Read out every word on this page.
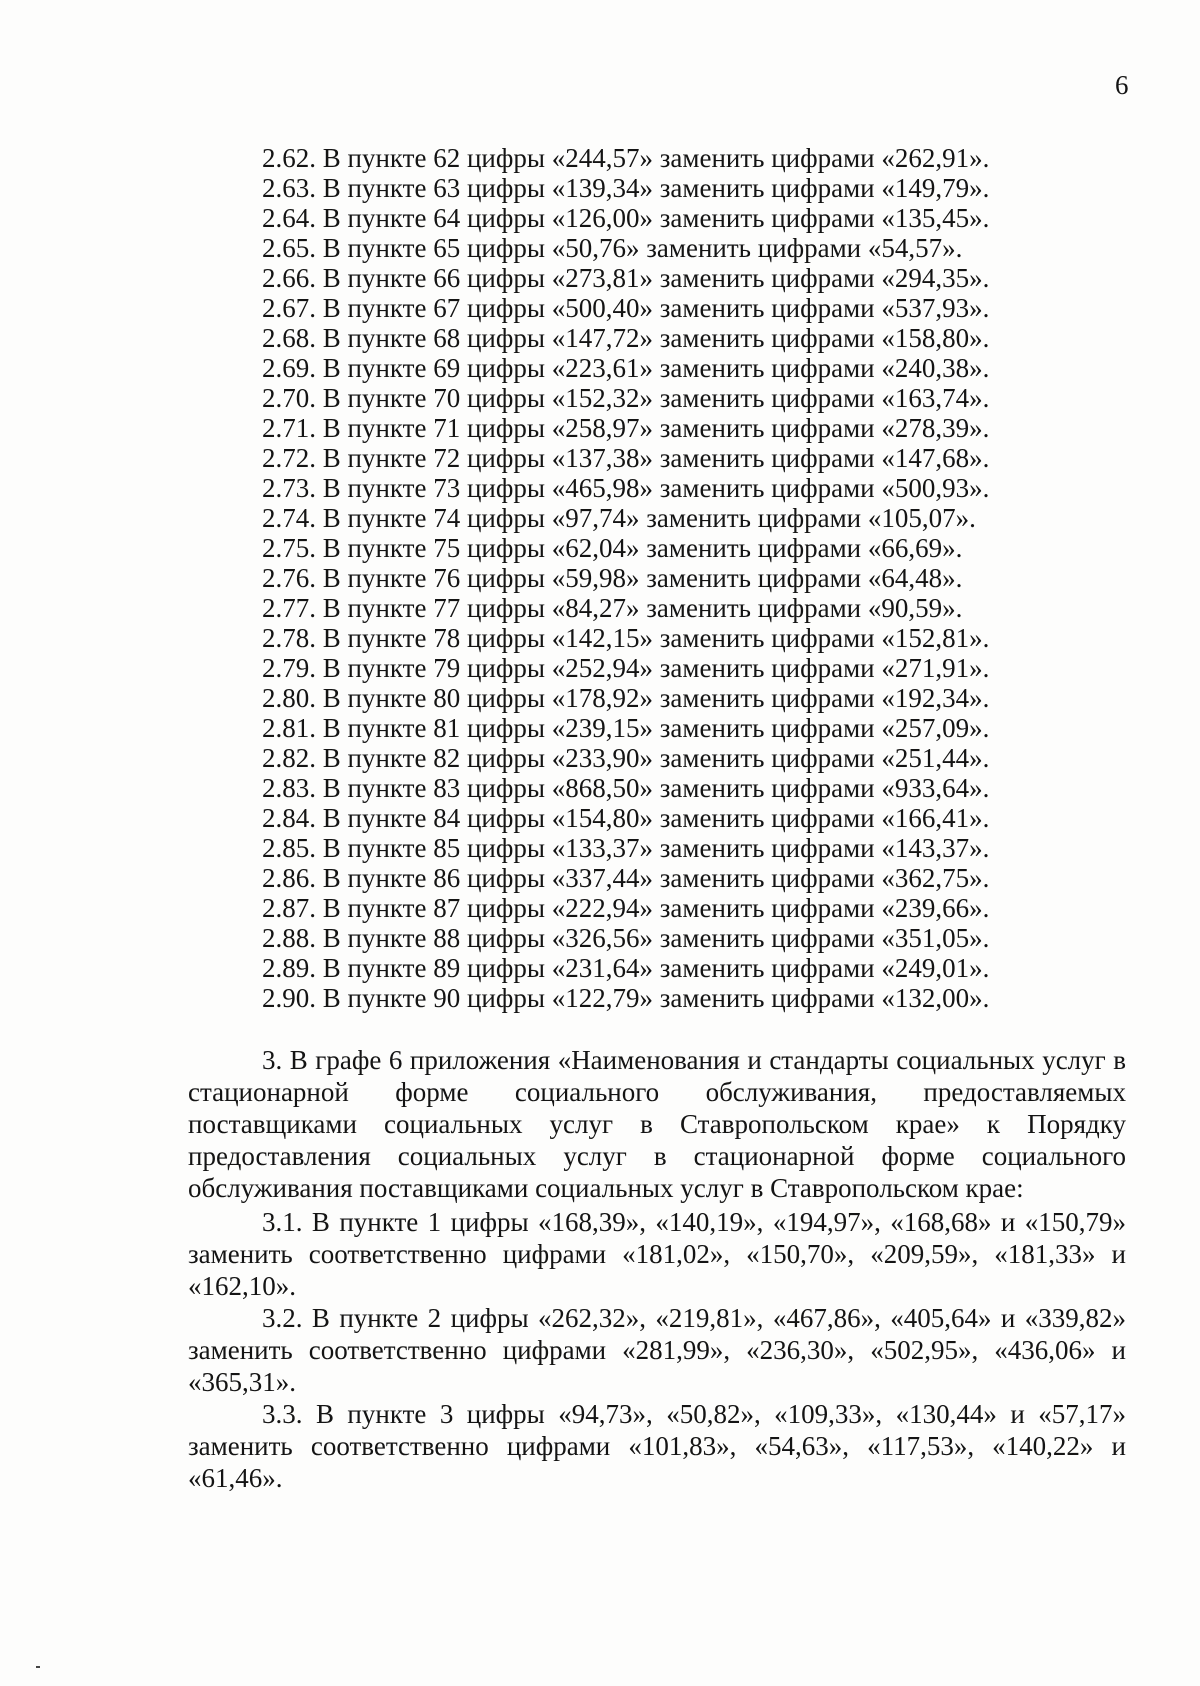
6
2.62. В пункте 62 цифры «244,57» заменить цифрами «262,91».
2.63. В пункте 63 цифры «139,34» заменить цифрами «149,79».
2.64. В пункте 64 цифры «126,00» заменить цифрами «135,45».
2.65. В пункте 65 цифры «50,76» заменить цифрами «54,57».
2.66. В пункте 66 цифры «273,81» заменить цифрами «294,35».
2.67. В пункте 67 цифры «500,40» заменить цифрами «537,93».
2.68. В пункте 68 цифры «147,72» заменить цифрами «158,80».
2.69. В пункте 69 цифры «223,61» заменить цифрами «240,38».
2.70. В пункте 70 цифры «152,32» заменить цифрами «163,74».
2.71. В пункте 71 цифры «258,97» заменить цифрами «278,39».
2.72. В пункте 72 цифры «137,38» заменить цифрами «147,68».
2.73. В пункте 73 цифры «465,98» заменить цифрами «500,93».
2.74. В пункте 74 цифры «97,74» заменить цифрами «105,07».
2.75. В пункте 75 цифры «62,04» заменить цифрами «66,69».
2.76. В пункте 76 цифры «59,98» заменить цифрами «64,48».
2.77. В пункте 77 цифры «84,27» заменить цифрами «90,59».
2.78. В пункте 78 цифры «142,15» заменить цифрами «152,81».
2.79. В пункте 79 цифры «252,94» заменить цифрами «271,91».
2.80. В пункте 80 цифры «178,92» заменить цифрами «192,34».
2.81. В пункте 81 цифры «239,15» заменить цифрами «257,09».
2.82. В пункте 82 цифры «233,90» заменить цифрами «251,44».
2.83. В пункте 83 цифры «868,50» заменить цифрами «933,64».
2.84. В пункте 84 цифры «154,80» заменить цифрами «166,41».
2.85. В пункте 85 цифры «133,37» заменить цифрами «143,37».
2.86. В пункте 86 цифры «337,44» заменить цифрами «362,75».
2.87. В пункте 87 цифры «222,94» заменить цифрами «239,66».
2.88. В пункте 88 цифры «326,56» заменить цифрами «351,05».
2.89. В пункте 89 цифры «231,64» заменить цифрами «249,01».
2.90. В пункте 90 цифры «122,79» заменить цифрами «132,00».

3. В графе 6 приложения «Наименования и стандарты социальных услуг в стационарной форме социального обслуживания, предоставляемых поставщиками социальных услуг в Ставропольском крае» к Порядку предоставления социальных услуг в стационарной форме социального обслуживания поставщиками социальных услуг в Ставропольском крае:

3.1. В пункте 1 цифры «168,39», «140,19», «194,97», «168,68» и «150,79» заменить соответственно цифрами «181,02», «150,70», «209,59», «181,33» и «162,10».

3.2. В пункте 2 цифры «262,32», «219,81», «467,86», «405,64» и «339,82» заменить соответственно цифрами «281,99», «236,30», «502,95», «436,06» и «365,31».

3.3. В пункте 3 цифры «94,73», «50,82», «109,33», «130,44» и «57,17» заменить соответственно цифрами «101,83», «54,63», «117,53», «140,22» и «61,46».
